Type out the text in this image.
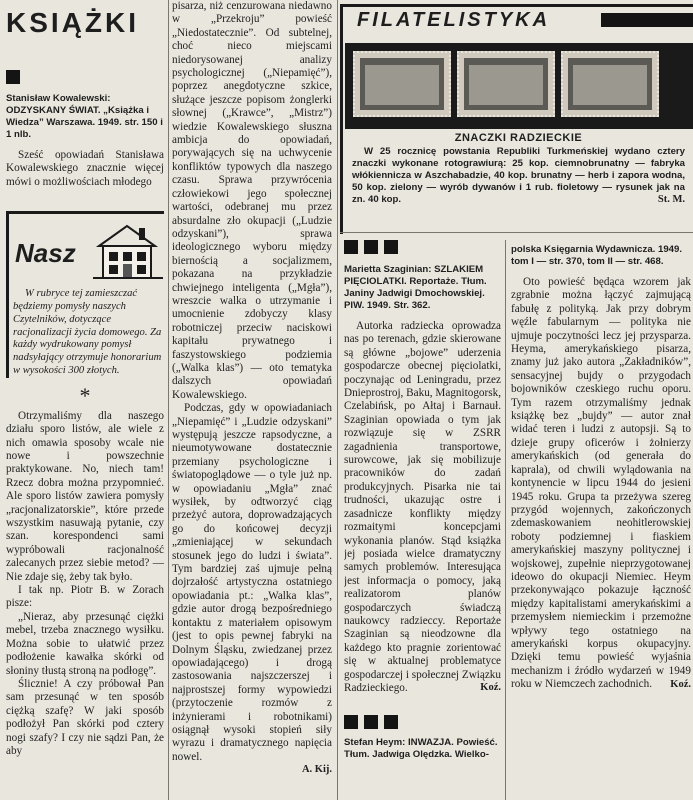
KSIĄŻKI

Stanisław Kowalewski: ODZYSKANY ŚWIAT. „Książka i Wiedza” Warszawa. 1949. str. 150 i 1 nlb.

Sześć opowiadań Stanisława Kowalewskiego znacznie więcej mówi o możliwościach młodego

Nasz

W rubryce tej zamieszczać będziemy pomysły naszych Czytelników, dotyczące racjonalizacji życia domowego. Za każdy wydrukowany pomysł nadsyłający otrzymuje honorarium w wysokości 300 złotych.

*

Otrzymaliśmy dla naszego działu sporo listów, ale wiele z nich omawia sposoby wcale nie nowe i powszechnie praktykowane. No, niech tam! Rzecz dobra można przypomnieć. Ale sporo listów zawiera pomysły „racjonalizatorskie”, które przede wszystkim nasuwają pytanie, czy szan. korespondenci sami wypróbowali racjonalność zalecanych przez siebie metod? — Nie zdaje się, żeby tak było.

I tak np. Piotr B. w Zorach pisze:

„Nieraz, aby przesunąć ciężki mebel, trzeba znacznego wysiłku. Można sobie to ułatwić przez podłożenie kawałka skórki od słoniny tłustą stroną na podłogę”.

Ślicznie! A czy próbował Pan sam przesunąć w ten sposób ciężką szafę? W jaki sposób podłożył Pan skórki pod cztery nogi szafy? I czy nie sądzi Pan, że aby

pisarza, niż cenzurowana niedawno w „Przekroju” powieść „Niedostatecznie”. Od subtelnej, choć nieco miejscami niedorysowanej analizy psychologicznej („Niepamięć”), poprzez anegdotyczne szkice, służące jeszcze popisom żonglerki słownej („Krawce”, „Mistrz”) wiedzie Kowalewskiego słuszna ambicja do opowiadań, porywających się na uchwycenie konfliktów typowych dla naszego czasu. Sprawa przywrócenia człowiekowi jego społecznej wartości, odebranej mu przez absurdalne zło okupacji („Ludzie odzyskani”), sprawa ideologicznego wyboru między biernością a socjalizmem, pokazana na przykładzie chwiejnego inteligenta („Mgła”), wreszcie walka o utrzymanie i umocnienie zdobyczy klasy robotniczej przeciw naciskowi kapitału prywatnego i faszystowskiego podziemia („Walka klas”) — oto tematyka dalszych opowiadań Kowalewskiego.

Podczas, gdy w opowiadaniach „Niepamięć” i „Ludzie odzyskani” występują jeszcze rapsodyczne, a nieumotywowane dostatecznie przemiany psychologiczne i światopoglądowe — o tyle już np. w opowiadaniu „Mgła” znać wysiłek, by odtworzyć ciąg przeżyć autora, doprowadzających go do końcowej decyzji „zmieniającej w sekundach stosunek jego do ludzi i świata”. Tym bardziej zaś ujmuje pełną dojrzałość artystyczna ostatniego opowiadania pt.: „Walka klas”, gdzie autor drogą bezpośredniego kontaktu z materiałem opisowym (jest to opis pewnej fabryki na Dolnym Śląsku, zwiedzanej przez opowiadającego) i drogą zastosowania najszczerszej i najprostszej formy wypowiedzi (przytoczenie rozmów z inżynierami i robotnikami) osiągnął wysoki stopień siły wyrazu i dramatycznego napięcia nowel.

A. Kij.

FILATELISTYKA
ZNACZKI RADZIECKIE

W 25 rocznicę powstania Republiki Turkmeńskiej wydano cztery znaczki wykonane rotograwiurą: 25 kop. ciemnobrunatny — fabryka włókiennicza w Aszchabadzie, 40 kop. brunatny — herb i zapora wodna, 50 kop. zielony — wyrób dywanów i 1 rub. fioletowy — rysunek jak na zn. 40 kop.	St. M.

Marietta Szaginian: SZLAKIEM PIĘCIOLATKI. Reportaże. Tłum. Janiny Jadwigi Dmochowskiej. PIW. 1949. Str. 362.

Autorka radziecka oprowadza nas po terenach, gdzie skierowane są główne „bojowe” uderzenia gospodarcze obecnej pięciolatki, poczynając od Leningradu, przez Dnieprostroj, Baku, Magnitogorsk, Czelabińsk, po Ałtaj i Barnauł. Szaginian opowiada o tym jak rozwiązuje się w ZSRR zagadnienia transportowe, surowcowe, jak się mobilizuje pracowników do zadań produkcyjnych. Pisarka nie tai trudności, ukazując ostre i zasadnicze konflikty między rozmaitymi koncepcjami wykonania planów. Stąd książka jej posiada wielce dramatyczny samych problemów. Interesująca jest informacja o pomocy, jaką realizatorom planów gospodarczych świadczą naukowcy radzieccy. Reportaże Szaginian są nieodzowne dla każdego kto pragnie zorientować się w aktualnej problematyce gospodarczej i społecznej Związku Radzieckiego.	Koź.

Stefan Heym: INWAZJA. Powieść. Tłum. Jadwiga Olędzka. Wielko-

polska Księgarnia Wydawnicza. 1949. tom I — str. 370, tom II — str. 468.

Oto powieść będąca wzorem jak zgrabnie można łączyć zajmującą fabułę z polityką. Jak przy dobrym węźle fabularnym — polityka nie ujmuje poczytności lecz jej przysparza. Heyma, amerykańskiego pisarza, znamy już jako autora „Zakładników”, sensacyjnej bujdy o przygodach bojowników czeskiego ruchu oporu. Tym razem otrzymaliśmy jednak książkę bez „bujdy” — autor znał widać teren i ludzi z autopsji. Są to dzieje grupy oficerów i żołnierzy amerykańskich (od generała do kaprala), od chwili wylądowania na kontynencie w lipcu 1944 do jesieni 1945 roku. Grupa ta przeżywa szereg przygód wojennych, zakończonych zdemaskowaniem neohitlerowskiej roboty podziemnej i fiaskiem amerykańskiej maszyny politycznej i wojskowej, zupełnie nieprzygotowanej ideowo do okupacji Niemiec. Heym przekonywająco pokazuje łączność między kapitalistami amerykańskimi a przemysłem niemieckim i przemożne wpływy tego ostatniego na amerykański korpus okupacyjny. Dzięki temu powieść wyjaśnia mechanizm i źródło wydarzeń w 1949 roku w Niemczech zachodnich.	Koź.
